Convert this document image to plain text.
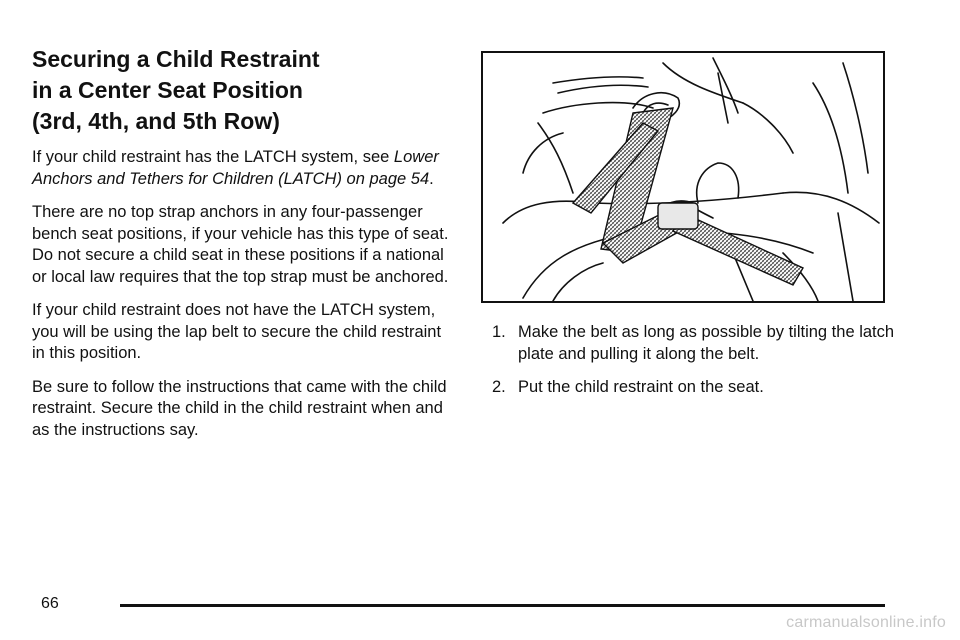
Securing a Child Restraint
in a Center Seat Position
(3rd, 4th, and 5th Row)

If your child restraint has the LATCH system, see Lower Anchors and Tethers for Children (LATCH) on page 54.

There are no top strap anchors in any four-passenger bench seat positions, if your vehicle has this type of seat. Do not secure a child seat in these positions if a national or local law requires that the top strap must be anchored.

If your child restraint does not have the LATCH system, you will be using the lap belt to secure the child restraint in this position.

Be sure to follow the instructions that came with the child restraint. Secure the child in the child restraint when and as the instructions say.

1. Make the belt as long as possible by tilting the latch plate and pulling it along the belt.
2. Put the child restraint on the seat.
66
carmanualsonline.info
